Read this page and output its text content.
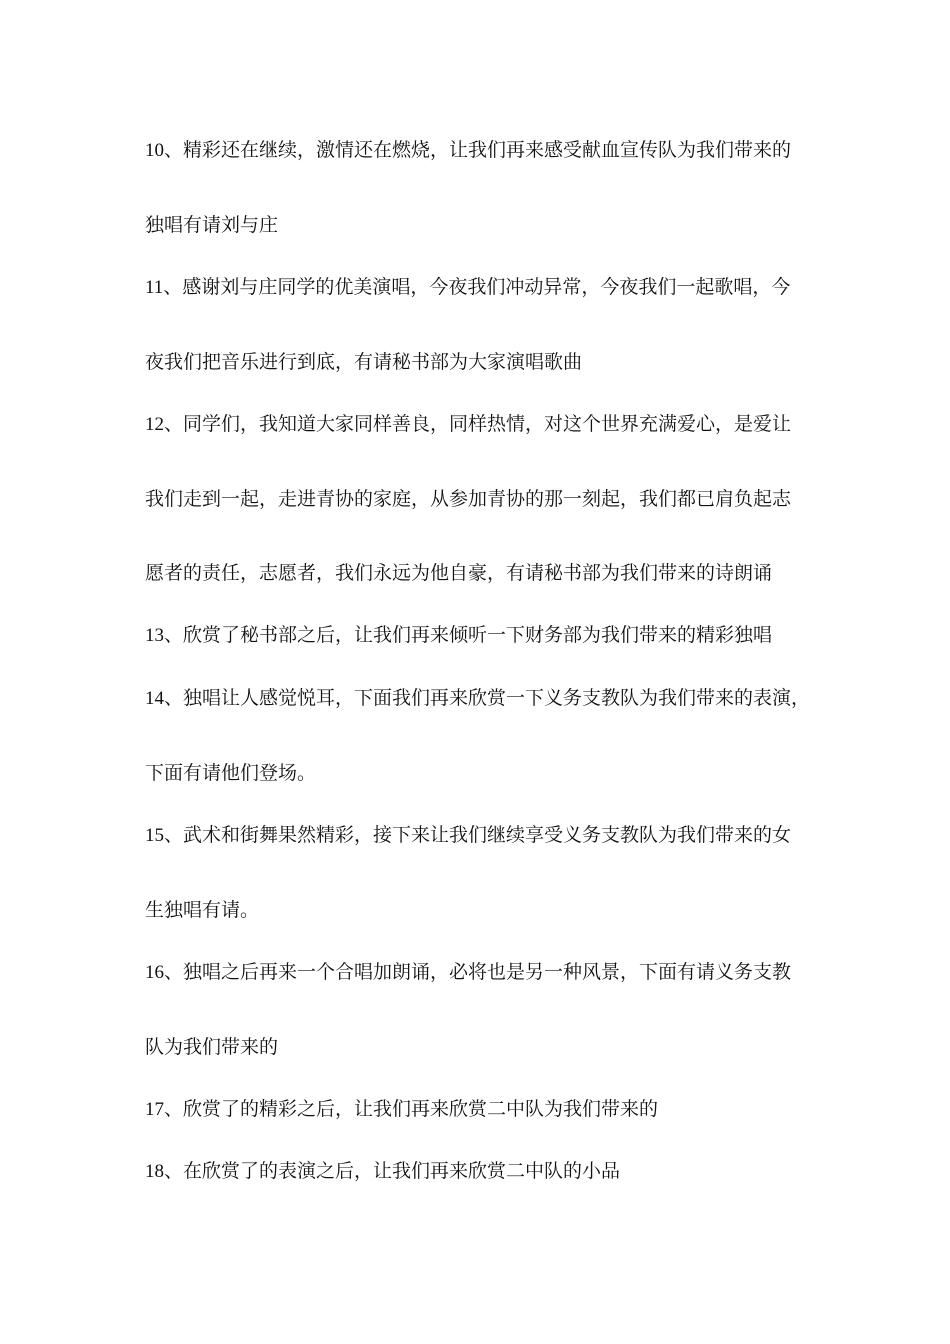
10、精彩还在继续，激情还在燃烧，让我们再来感受献血宣传队为我们带来的
独唱有请刘与庄
11、感谢刘与庄同学的优美演唱，今夜我们冲动异常，今夜我们一起歌唱，今
夜我们把音乐进行到底，有请秘书部为大家演唱歌曲
12、同学们，我知道大家同样善良，同样热情，对这个世界充满爱心，是爱让
我们走到一起，走进青协的家庭，从参加青协的那一刻起，我们都已肩负起志
愿者的责任，志愿者，我们永远为他自豪，有请秘书部为我们带来的诗朗诵
13、欣赏了秘书部之后，让我们再来倾听一下财务部为我们带来的精彩独唱
14、独唱让人感觉悦耳，下面我们再来欣赏一下义务支教队为我们带来的表演，
下面有请他们登场。
15、武术和街舞果然精彩，接下来让我们继续享受义务支教队为我们带来的女
生独唱有请。
16、独唱之后再来一个合唱加朗诵，必将也是另一种风景，下面有请义务支教
队为我们带来的
17、欣赏了的精彩之后，让我们再来欣赏二中队为我们带来的
18、在欣赏了的表演之后，让我们再来欣赏二中队的小品
